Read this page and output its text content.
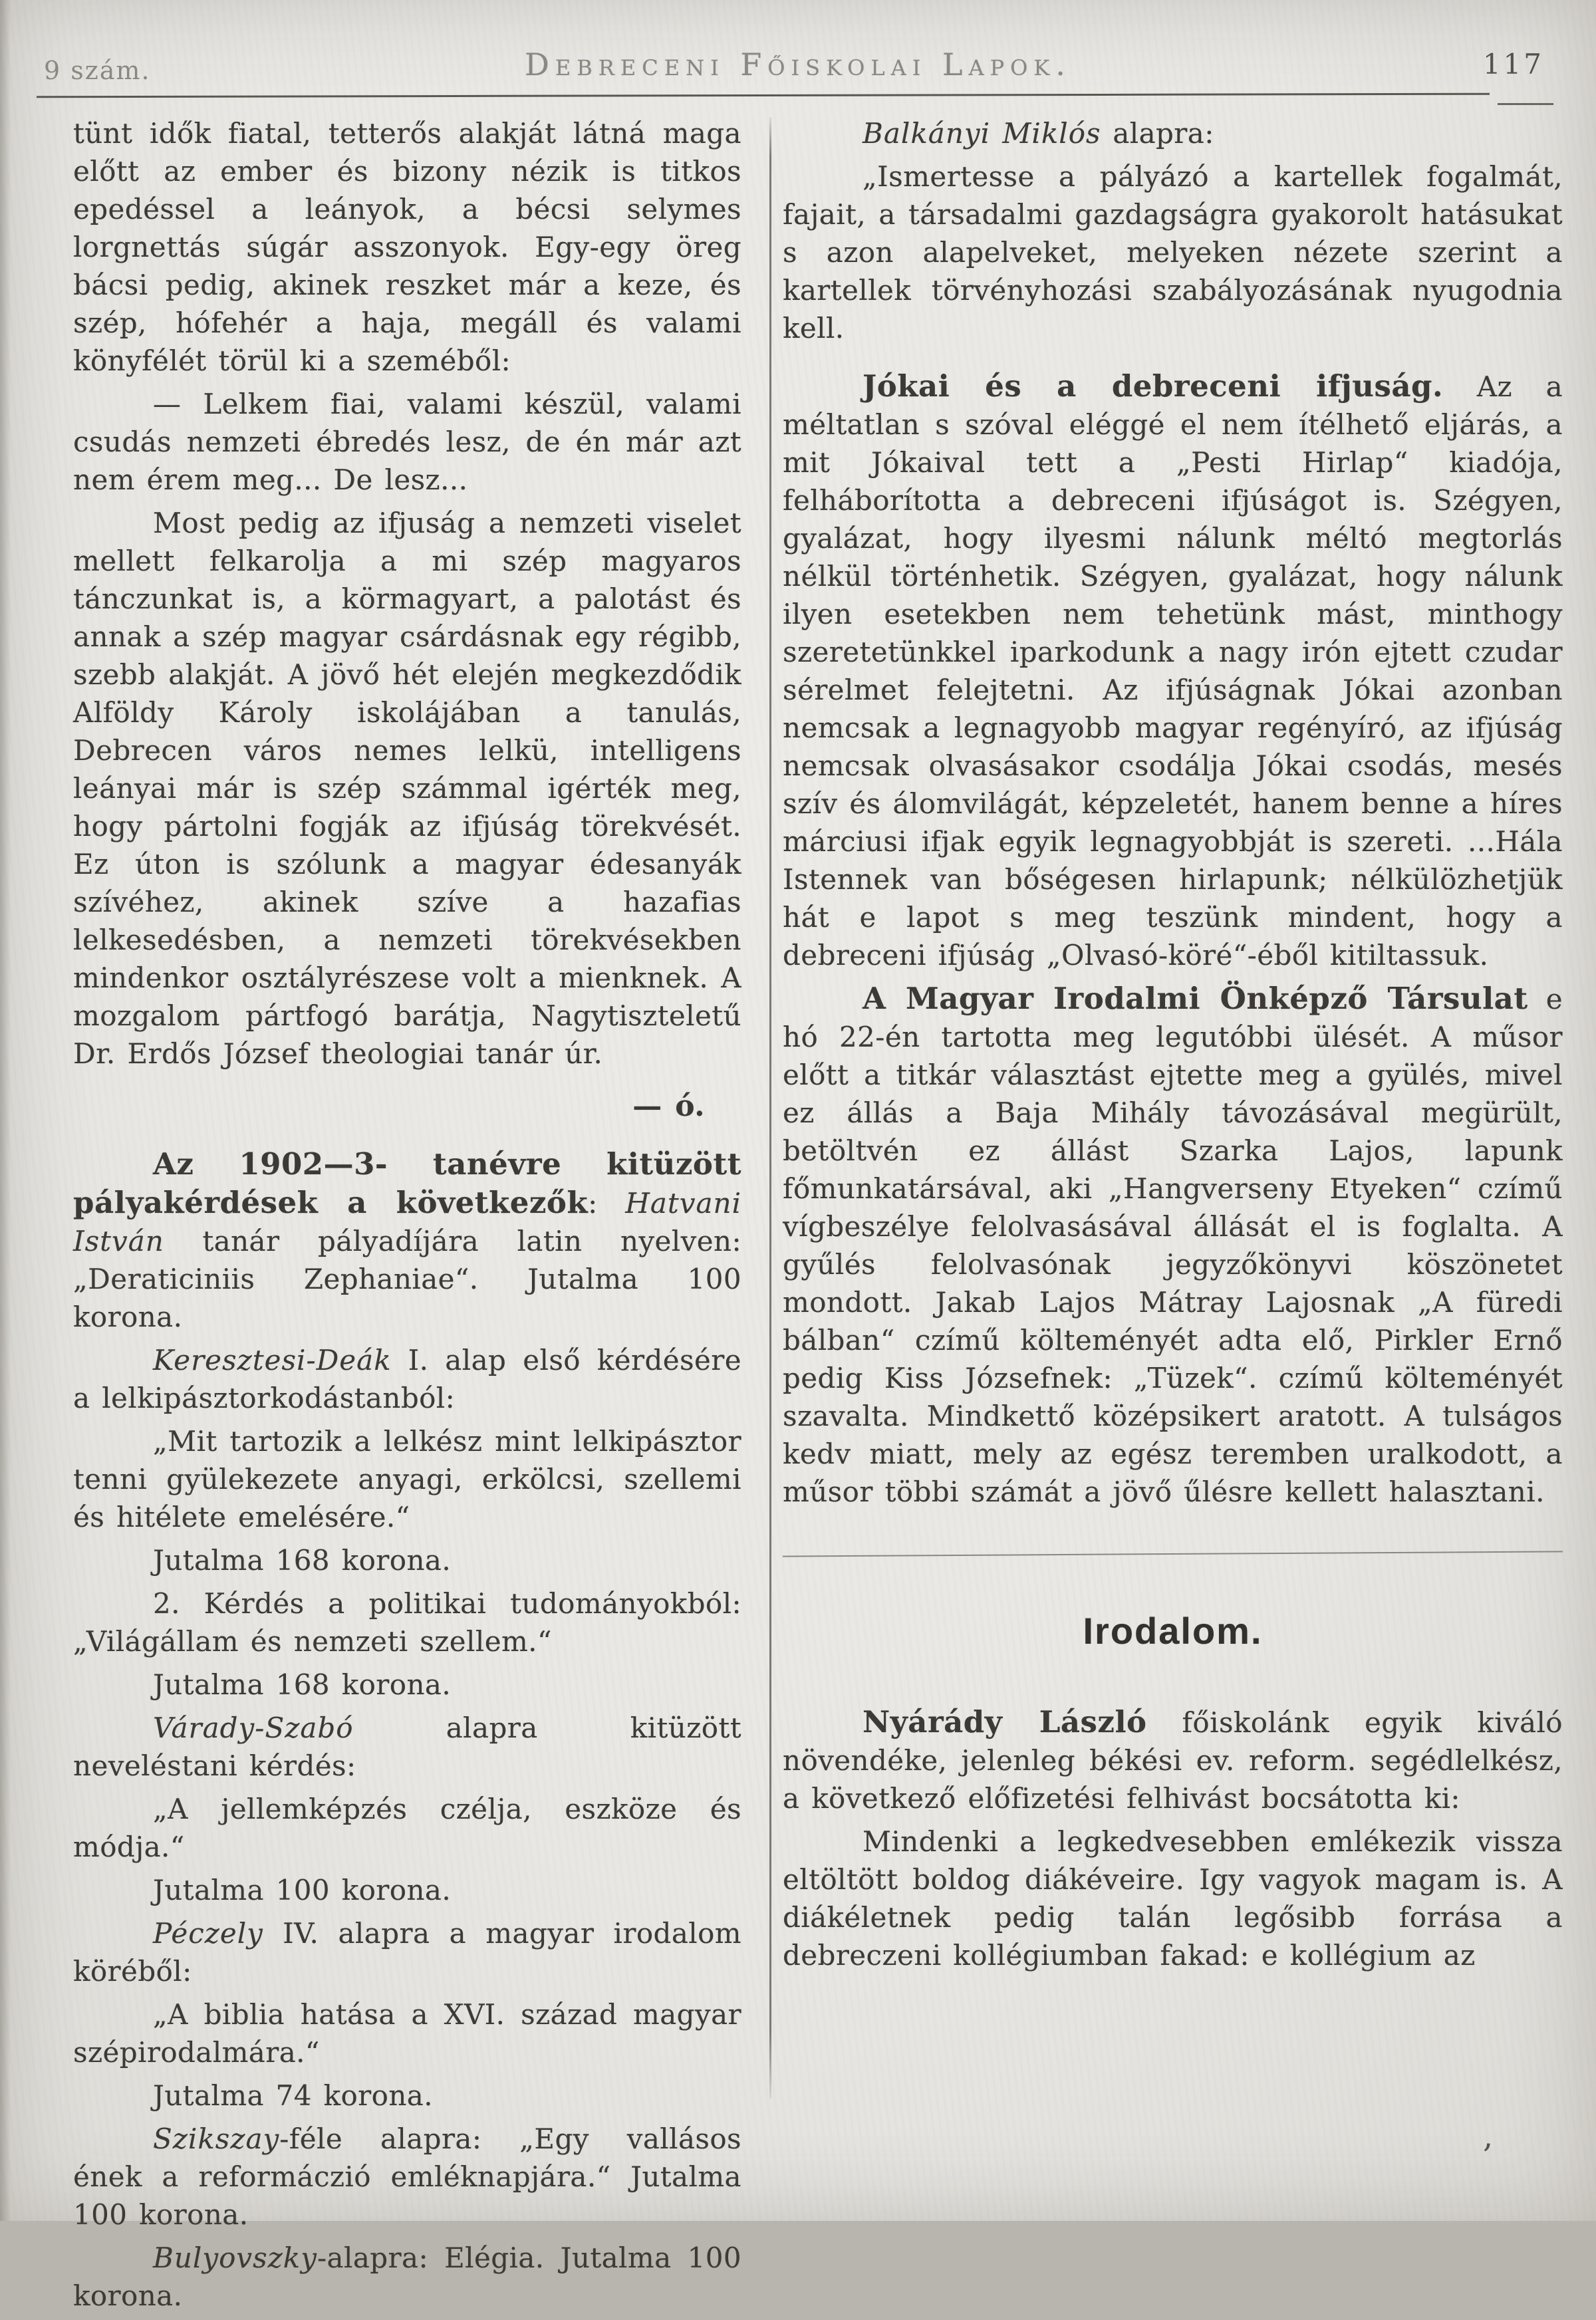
9 szám.	Debreceni Főiskolai Lapok.	117

tünt idők fiatal, tetterős alakját látná maga előtt az ember és bizony nézik is titkos epedéssel a leányok, a bécsi selymes lorgnettás súgár asszonyok. Egy-egy öreg bácsi pedig, akinek reszket már a keze, és szép, hófehér a haja, megáll és valami könyfélét törül ki a szeméből:

— Lelkem fiai, valami készül, valami csudás nemzeti ébredés lesz, de én már azt nem érem meg... De lesz...

Most pedig az ifjuság a nemzeti viselet mellett felkarolja a mi szép magyaros tánczunkat is, a körmagyart, a palotást és annak a szép magyar csárdásnak egy régibb, szebb alakját. A jövő hét elején megkezdődik Alföldy Károly iskolájában a tanulás, Debrecen város nemes lelkü, intelligens leányai már is szép számmal igérték meg, hogy pártolni fogják az ifjúság törekvését. Ez úton is szólunk a magyar édesanyák szívéhez, akinek szíve a hazafias lelkesedésben, a nemzeti törekvésekben mindenkor osztályrészese volt a mienknek. A mozgalom pártfogó barátja, Nagytiszteletű Dr. Erdős József theologiai tanár úr.

— ó.

Az 1902—3- tanévre kitüzött pályakérdések a következők: Hatvani István tanár pályadíjára latin nyelven: „Deraticiniis Zephaniae“. Jutalma 100 korona.

Keresztesi-Deák I. alap első kérdésére a lelkipásztorkodástanból:

„Mit tartozik a lelkész mint lelkipásztor tenni gyülekezete anyagi, erkölcsi, szellemi és hitélete emelésére.“

Jutalma 168 korona.

2. Kérdés a politikai tudományokból: „Világállam és nemzeti szellem.“

Jutalma 168 korona.

Várady-Szabó alapra kitüzött neveléstani kérdés:

„A jellemképzés czélja, eszköze és módja.“

Jutalma 100 korona.

Péczely IV. alapra a magyar irodalom köréből:

„A biblia hatása a XVI. század magyar szépirodalmára.“

Jutalma 74 korona.

Szikszay-féle alapra: „Egy vallásos ének a reformáczió emléknapjára.“ Jutalma 100 korona.

Bulyovszky-alapra: Elégia. Jutalma 100 korona.

Balkányi Miklós alapra:

„Ismertesse a pályázó a kartellek fogalmát, fajait, a társadalmi gazdagságra gyakorolt hatásukat s azon alapelveket, melyeken nézete szerint a kartellek törvényhozási szabályozásának nyugodnia kell.

Jókai és a debreceni ifjuság. Az a méltatlan s szóval eléggé el nem ítélhető eljárás, a mit Jókaival tett a „Pesti Hirlap“ kiadója, felháborította a debreceni ifjúságot is. Szégyen, gyalázat, hogy ilyesmi nálunk méltó megtorlás nélkül történhetik. Szégyen, gyalázat, hogy nálunk ilyen esetekben nem tehetünk mást, minthogy szeretetünkkel iparkodunk a nagy irón ejtett czudar sérelmet felejtetni. Az ifjúságnak Jókai azonban nemcsak a legnagyobb magyar regényíró, az ifjúság nemcsak olvasásakor csodálja Jókai csodás, mesés szív és álomvilágát, képzeletét, hanem benne a híres márciusi ifjak egyik legnagyobbját is szereti. ...Hála Istennek van bőségesen hirlapunk; nélkülözhetjük hát e lapot s meg teszünk mindent, hogy a debreceni ifjúság „Olvasó-köré“-éből kitiltassuk.

A Magyar Irodalmi Önképző Társulat e hó 22-én tartotta meg legutóbbi ülését. A műsor előtt a titkár választást ejtette meg a gyülés, mivel ez állás a Baja Mihály távozásával megürült, betöltvén ez állást Szarka Lajos, lapunk főmunkatársával, aki „Hangverseny Etyeken“ czímű vígbeszélye felolvasásával állását el is foglalta. A gyűlés felolvasónak jegyzőkönyvi köszönetet mondott. Jakab Lajos Mátray Lajosnak „A füredi bálban“ czímű költeményét adta elő, Pirkler Ernő pedig Kiss Józsefnek: „Tüzek“. czímű költeményét szavalta. Mindkettő középsikert aratott. A tulságos kedv miatt, mely az egész teremben uralkodott, a műsor többi számát a jövő űlésre kellett halasztani.

Irodalom.

Nyárády László főiskolánk egyik kiváló növendéke, jelenleg békési ev. reform. segédlelkész, a következő előfizetési felhivást bocsátotta ki:

Mindenki a legkedvesebben emlékezik vissza eltöltött boldog diákéveire. Igy vagyok magam is. A diákéletnek pedig talán legősibb forrása a debreczeni kollégiumban fakad: e kollégium az

,
